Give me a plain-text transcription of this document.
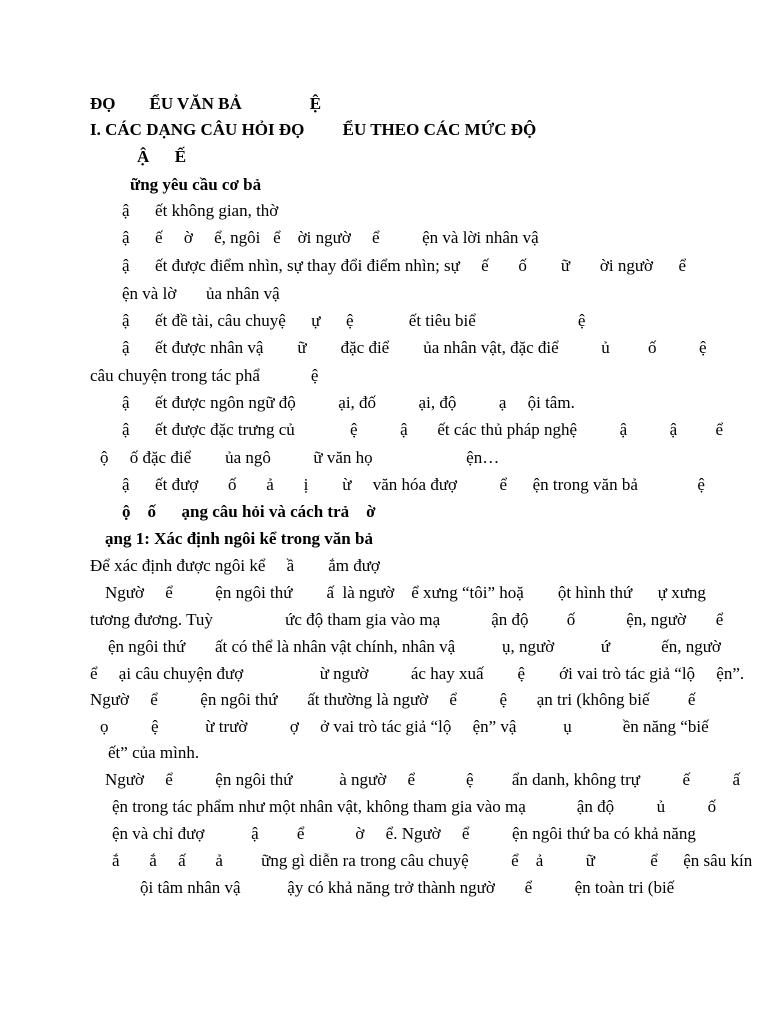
ĐỌ        ỂU VĂN BẢ                Ệ

I. CÁC DẠNG CÂU HỎI ĐỌ         ỂU THEO CÁC MỨC ĐỘ

Ậ      Ế

ững yêu cầu cơ bả

ậ      ết không gian, thờ

ậ      ế     ờ     ể, ngôi   ể    ời ngườ     ể          ện và lời nhân vậ

ậ      ết được điểm nhìn, sự thay đổi điểm nhìn; sự     ế       ố        ữ       ời ngườ      ể

ện và lờ       ủa nhân vậ

ậ      ết đề tài, câu chuyệ      ự      ệ             ết tiêu biể                        ệ

ậ      ết được nhân vậ        ữ        đặc điể        ủa nhân vật, đặc điể          ủ         ố          ệ

câu chuyện trong tác phẩ            ệ

ậ      ết được ngôn ngữ độ          ại, đố          ại, độ          ạ     ội tâm.

ậ      ết được đặc trưng củ             ệ          ậ       ết các thủ pháp nghệ          ậ          ậ         ể

ộ     ố đặc điể        ủa ngô          ữ văn họ                      ện…

ậ      ết đượ       ố       ả       ị        ừ     văn hóa đượ          ể      ện trong văn bả              ệ

ộ    ố      ạng câu hỏi và cách trả    ờ

ạng 1: Xác định ngôi kể trong văn bả

Để xác định được ngôi kể     ầ        ắm đượ

Ngườ     ể          ện ngôi thứ        ấ  là ngườ    ể xưng “tôi” hoặ        ột hình thứ      ự xưng

tương đương. Tuỳ                 ức độ tham gia vào mạ            ận độ         ố            ện, ngườ       ể

ện ngôi thứ       ất có thể là nhân vật chính, nhân vậ           ụ, ngườ           ứ            ến, ngườ

ể     ại câu chuyện đượ                  ừ ngườ          ác hay xuấ        ệ        ới vai trò tác giả “lộ     ện”.

Ngườ     ể          ện ngôi thứ       ất thường là ngườ     ể          ệ       ạn tri (không biế         ế

ọ          ệ           ừ trườ          ợ     ở vai trò tác giả “lộ     ện” vậ           ụ            ền năng “biế

ết” của mình.

Ngườ     ể          ện ngôi thứ           à ngườ     ể            ệ         ẩn danh, không trự          ế          ấ

ện trong tác phẩm như một nhân vật, không tham gia vào mạ            ận độ          ủ          ố

ện và chỉ đượ           ậ         ể            ờ     ể. Ngườ     ể          ện ngôi thứ ba có khả năng

ắ       ắ     ấ       ả         ững gì diễn ra trong câu chuyệ          ể    ả          ữ             ể      ện sâu kín

ội tâm nhân vậ           ậy có khả năng trở thành ngườ       ể          ện toàn tri (biế
